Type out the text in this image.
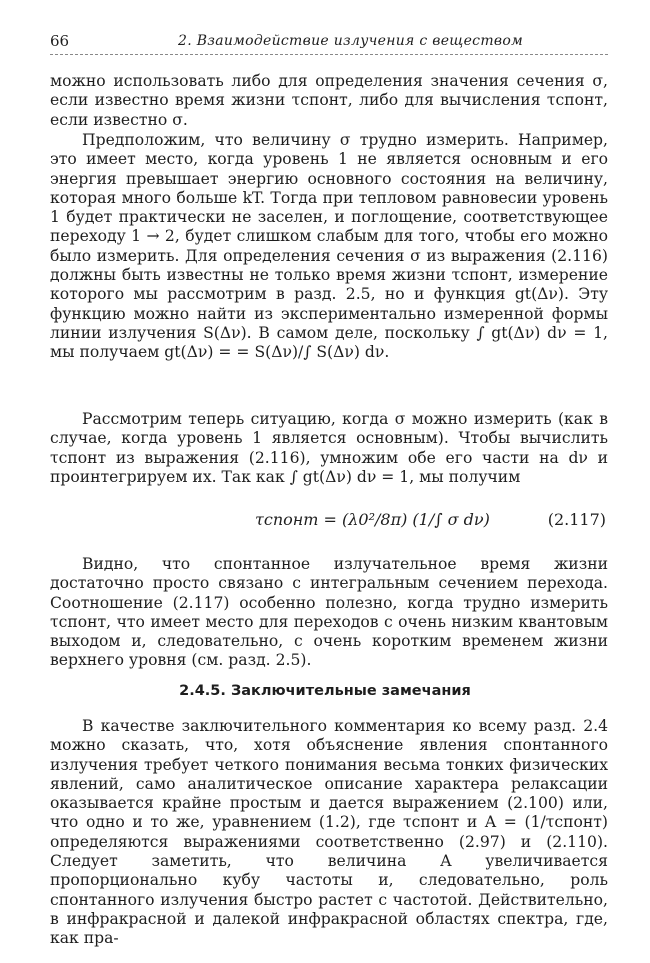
66	2. Взаимодействие излучения с веществом

можно использовать либо для определения значения сечения σ, если известно время жизни τспонт, либо для вычисления τспонт, если известно σ.

Предположим, что величину σ трудно измерить. Например, это имеет место, когда уровень 1 не является основным и его энергия превышает энергию основного состояния на величину, которая много больше kT. Тогда при тепловом равновесии уровень 1 будет практически не заселен, и поглощение, соответствующее переходу 1 → 2, будет слишком слабым для того, чтобы его можно было измерить. Для определения сечения σ из выражения (2.116) должны быть известны не только время жизни τспонт, измерение которого мы рассмотрим в разд. 2.5, но и функция gt(Δν). Эту функцию можно найти из экспериментально измеренной формы линии излучения S(Δν). В самом деле, поскольку ∫ gt(Δν) dν = 1, мы получаем gt(Δν) = = S(Δν)/∫ S(Δν) dν.

Рассмотрим теперь ситуацию, когда σ можно измерить (как в случае, когда уровень 1 является основным). Чтобы вычислить τспонт из выражения (2.116), умножим обе его части на dν и проинтегрируем их. Так как ∫ gt(Δν) dν = 1, мы получим

τспонт = (λ0²/8π) (1/∫ σ dν)	(2.117)

Видно, что спонтанное излучательное время жизни достаточно просто связано с интегральным сечением перехода. Соотношение (2.117) особенно полезно, когда трудно измерить τспонт, что имеет место для переходов с очень низким квантовым выходом и, следовательно, с очень коротким временем жизни верхнего уровня (см. разд. 2.5).

2.4.5. Заключительные замечания

В качестве заключительного комментария ко всему разд. 2.4 можно сказать, что, хотя объяснение явления спонтанного излучения требует четкого понимания весьма тонких физических явлений, само аналитическое описание характера релаксации оказывается крайне простым и дается выражением (2.100) или, что одно и то же, уравнением (1.2), где τспонт и A = (1/τспонт) определяются выражениями соответственно (2.97) и (2.110). Следует заметить, что величина A увеличивается пропорционально кубу частоты и, следовательно, роль спонтанного излучения быстро растет с частотой. Действительно, в инфракрасной и далекой инфракрасной областях спектра, где, как пра-
